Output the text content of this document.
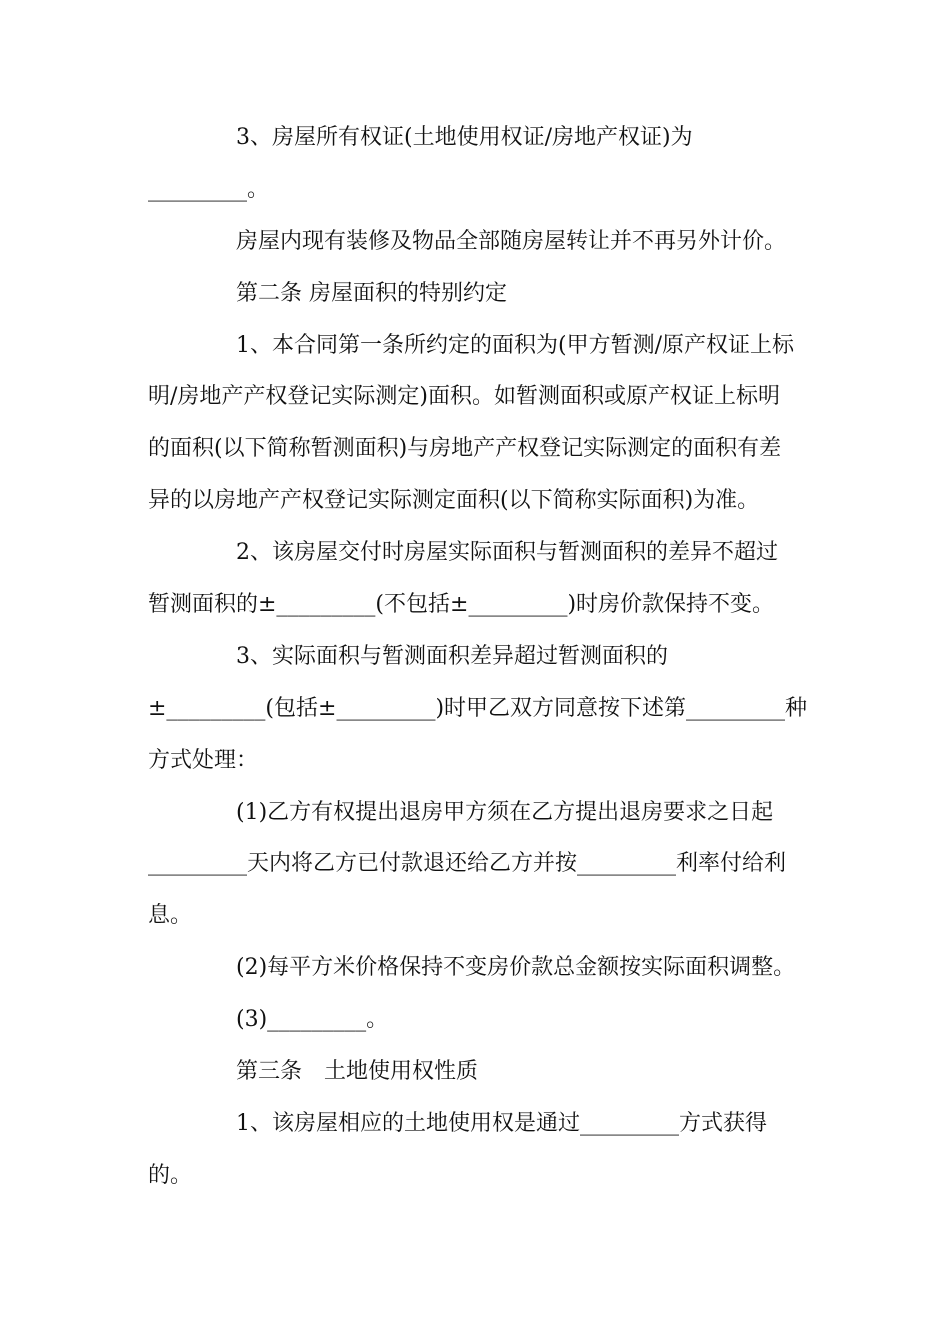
3、房屋所有权证(土地使用权证/房地产权证)为

_________。

房屋内现有装修及物品全部随房屋转让并不再另外计价。

第二条 房屋面积的特别约定

1、本合同第一条所约定的面积为(甲方暂测/原产权证上标

明/房地产产权登记实际测定)面积。如暂测面积或原产权证上标明

的面积(以下简称暂测面积)与房地产产权登记实际测定的面积有差

异的以房地产产权登记实际测定面积(以下简称实际面积)为准。

2、该房屋交付时房屋实际面积与暂测面积的差异不超过

暂测面积的±_________(不包括±_________)时房价款保持不变。

3、实际面积与暂测面积差异超过暂测面积的

±_________(包括±_________)时甲乙双方同意按下述第_________种

方式处理：

(1)乙方有权提出退房甲方须在乙方提出退房要求之日起

_________天内将乙方已付款退还给乙方并按_________利率付给利

息。

(2)每平方米价格保持不变房价款总金额按实际面积调整。

(3)_________。

第三条　土地使用权性质

1、该房屋相应的土地使用权是通过_________方式获得

的。
